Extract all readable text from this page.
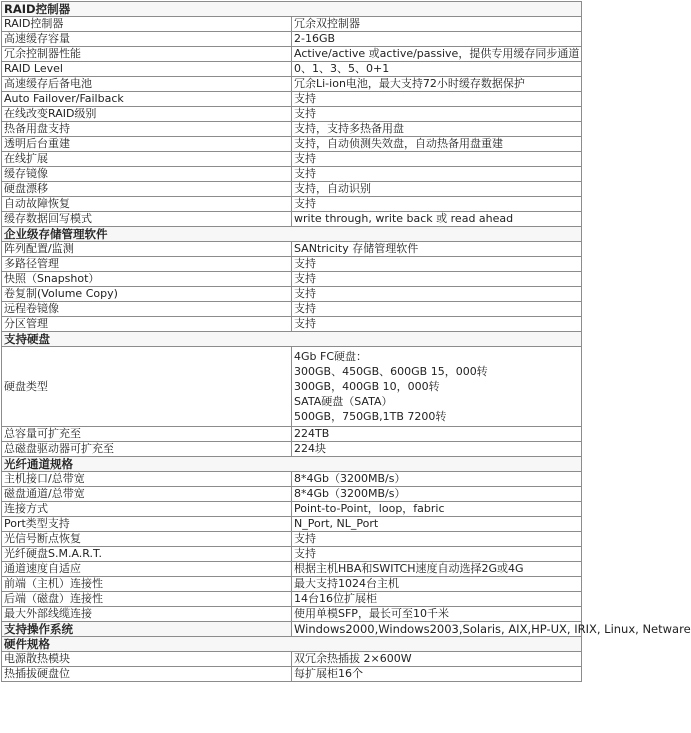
RAID控制器	
RAID控制器	冗余双控制器
高速缓存容量	2-16GB
冗余控制器性能	Active/active 或active/passive，提供专用缓存同步通道
RAID Level	0、1、3、5、0+1
高速缓存后备电池	冗余Li-ion电池，最大支持72小时缓存数据保护
Auto Failover/Failback	支持
在线改变RAID级别	支持
热备用盘支持	支持，支持多热备用盘
透明后台重建	支持，自动侦测失效盘，自动热备用盘重建
在线扩展	支持
缓存镜像	支持
硬盘漂移	支持，自动识别
自动故障恢复	支持
缓存数据回写模式	write through, write back 或 read ahead
企业级存储管理软件	
阵列配置/监测	SANtricity 存储管理软件
多路径管理	支持
快照（Snapshot）	支持
卷复制(Volume Copy)	支持
远程卷镜像	支持
分区管理	支持
支持硬盘	
硬盘类型	4Gb FC硬盘：
300GB、450GB、600GB 15，000转
300GB，400GB 10，000转
SATA硬盘（SATA）
500GB，750GB,1TB 7200转

总容量可扩充至	224TB
总磁盘驱动器可扩充至	224块
光纤通道规格	
主机接口/总带宽	8*4Gb（3200MB/s）
磁盘通道/总带宽	8*4Gb（3200MB/s）
连接方式	Point-to-Point，loop，fabric
Port类型支持	N_Port, NL_Port
光信号断点恢复	支持
光纤硬盘S.M.A.R.T.	支持
通道速度自适应	根据主机HBA和SWITCH速度自动选择2G或4G
前端（主机）连接性	最大支持1024台主机
后端（磁盘）连接性	14台16位扩展柜
最大外部线缆连接	使用单模SFP，最长可至10千米
支持操作系统	Windows2000,Windows2003,Solaris, AIX,HP-UX, IRIX, Linux, Netware
硬件规格	
电源散热模块	双冗余热插拔 2×600W
热插拔硬盘位	每扩展柜16个
